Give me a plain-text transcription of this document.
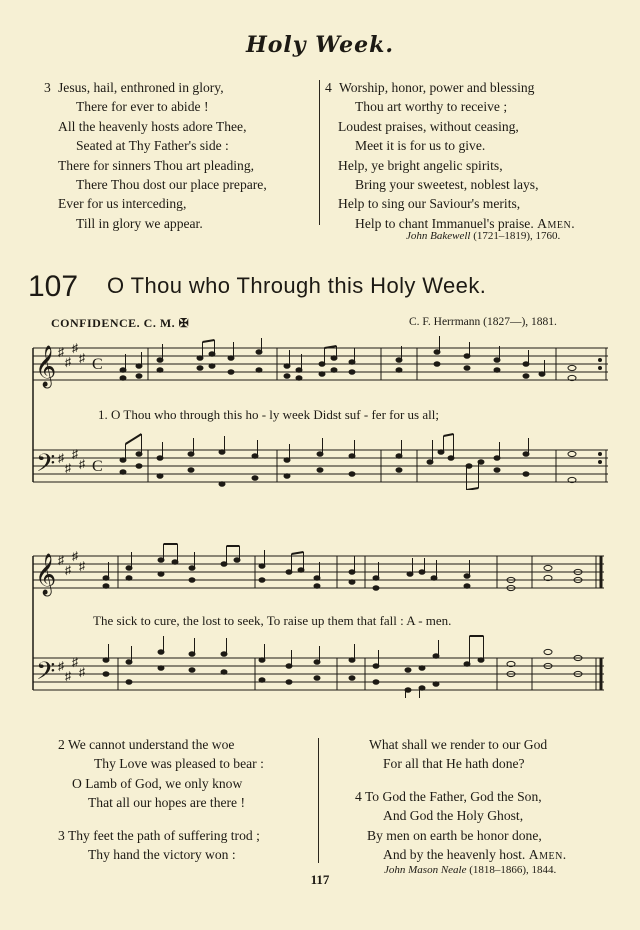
Holy Week.
3 Jesus, hail, enthroned in glory,
There for ever to abide !
All the heavenly hosts adore Thee,
Seated at Thy Father's side :
There for sinners Thou art pleading,
There Thou dost our place prepare,
Ever for us interceding,
Till in glory we appear.
4 Worship, honor, power and blessing
Thou art worthy to receive ;
Loudest praises, without ceasing,
Meet it is for us to give.
Help, ye bright angelic spirits,
Bring your sweetest, noblest lays,
Help to sing our Saviour's merits,
Help to chant Immanuel's praise. Amen.
John Bakewell (1721–1819), 1760.
107 O Thou who Through this Holy Week.
CONFIDENCE. C. M. ✠	C. F. Herrmann (1827—), 1881.
𝄞
𝄢
♯
♯
♯
♯
♯
♯
♯
♯
C
C
1. O Thou who through this ho - ly week Didst suf - fer for us all;
𝄞
𝄢
♯
♯
♯
♯
♯
♯
♯
♯
The sick to cure, the lost to seek, To raise up them that fall : A - men.
2 We cannot understand the woe
Thy Love was pleased to bear :
O Lamb of God, we only know
That all our hopes are there !
3 Thy feet the path of suffering trod ;
Thy hand the victory won :
What shall we render to our God
For all that He hath done?
4 To God the Father, God the Son,
And God the Holy Ghost,
By men on earth be honor done,
And by the heavenly host. Amen.
John Mason Neale (1818–1866), 1844.
117
